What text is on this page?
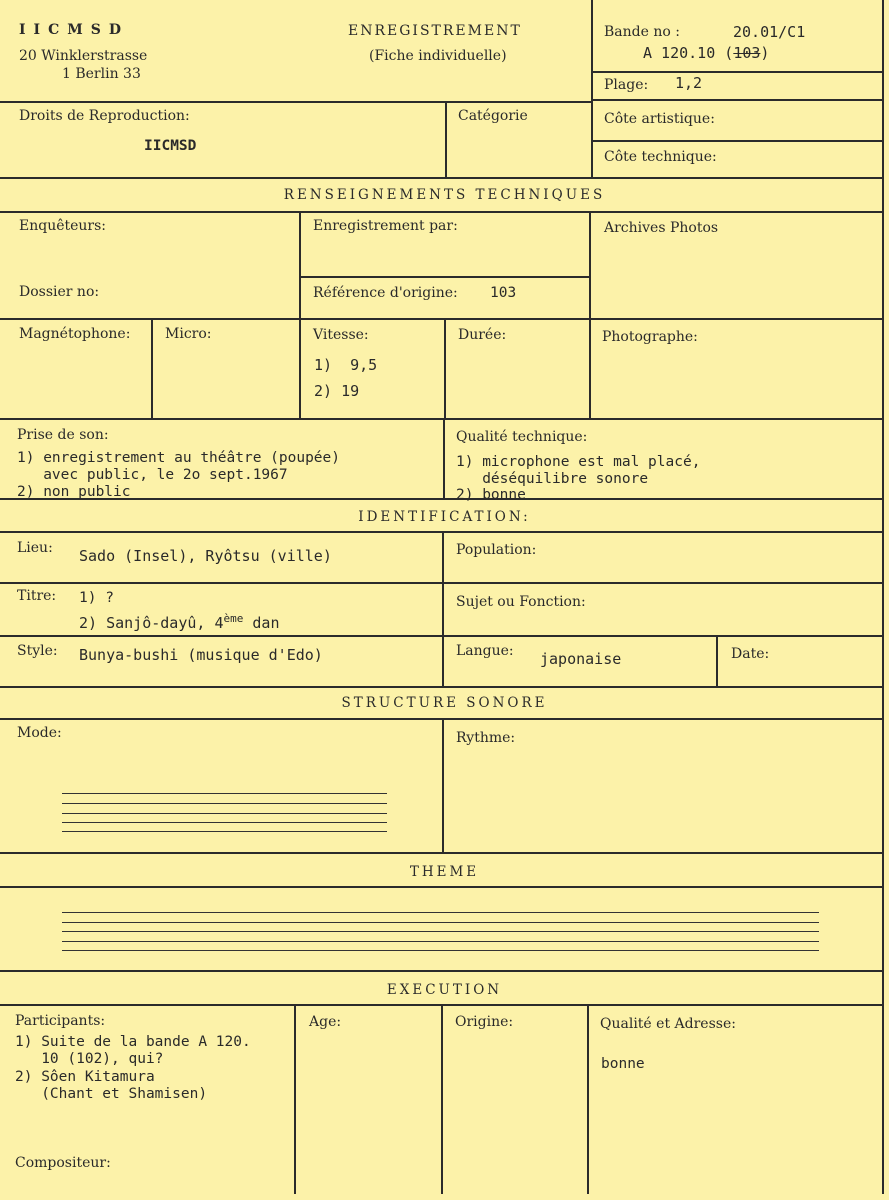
IICMSD
20 Winklerstrasse
1 Berlin 33
ENREGISTREMENT
(Fiche individuelle)
Bande no :	20.01/C1
A 120.10 (103)
Plage: 1,2
Droits de Reproduction:
IICMSD
Catégorie	Côte artistique:
Côte technique:
RENSEIGNEMENTS TECHNIQUES
Enquêteurs:	Enregistrement par:	Archives Photos
Dossier no:	Référence d'origine: 103
Magnétophone: Micro:	Vitesse:
1)  9,5
2) 19
Durée:	Photographe:
Prise de son:
1) enregistrement au théâtre (poupée)
avec public, le 2o sept.1967
2) non public
Qualité technique:
1) microphone est mal placé,
déséquilibre sonore
2) bonne
IDENTIFICATION:
Lieu: Sado (Insel), Ryôtsu (ville)	Population:
Titre: 1) ?
2) Sanjô-dayû, 4ème dan
Sujet ou Fonction:
Style: Bunya-bushi (musique d'Edo)	Langue: japonaise	Date:
STRUCTURE SONORE
Mode:	Rythme:
THEME
EXECUTION
Participants:
1) Suite de la bande A 120.
10 (102), qui?
2) Sôen Kitamura
(Chant et Shamisen)
Age:	Origine:	Qualité et Adresse:
bonne
Compositeur:
